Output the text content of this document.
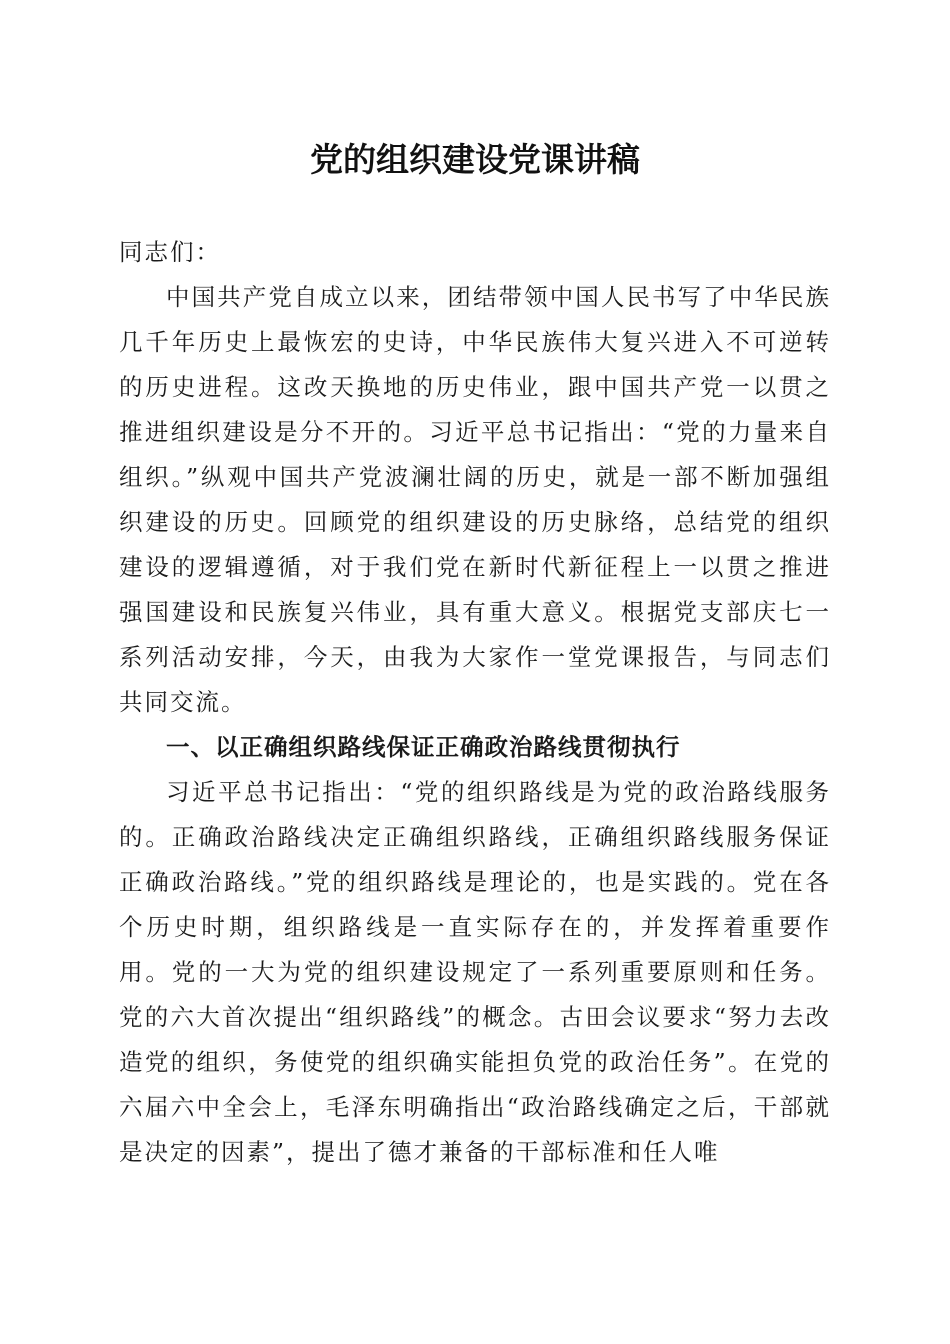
党的组织建设党课讲稿

同志们：

中国共产党自成立以来，团结带领中国人民书写了中华民族几千年历史上最恢宏的史诗，中华民族伟大复兴进入不可逆转的历史进程。这改天换地的历史伟业，跟中国共产党一以贯之推进组织建设是分不开的。习近平总书记指出：“党的力量来自组织。”纵观中国共产党波澜壮阔的历史，就是一部不断加强组织建设的历史。回顾党的组织建设的历史脉络，总结党的组织建设的逻辑遵循，对于我们党在新时代新征程上一以贯之推进强国建设和民族复兴伟业，具有重大意义。根据党支部庆七一系列活动安排，今天，由我为大家作一堂党课报告，与同志们共同交流。

一、以正确组织路线保证正确政治路线贯彻执行

习近平总书记指出：“党的组织路线是为党的政治路线服务的。正确政治路线决定正确组织路线，正确组织路线服务保证正确政治路线。”党的组织路线是理论的，也是实践的。党在各个历史时期，组织路线是一直实际存在的，并发挥着重要作用。党的一大为党的组织建设规定了一系列重要原则和任务。党的六大首次提出“组织路线”的概念。古田会议要求“努力去改造党的组织，务使党的组织确实能担负党的政治任务”。在党的六届六中全会上，毛泽东明确指出“政治路线确定之后，干部就是决定的因素”，提出了德才兼备的干部标准和任人唯
